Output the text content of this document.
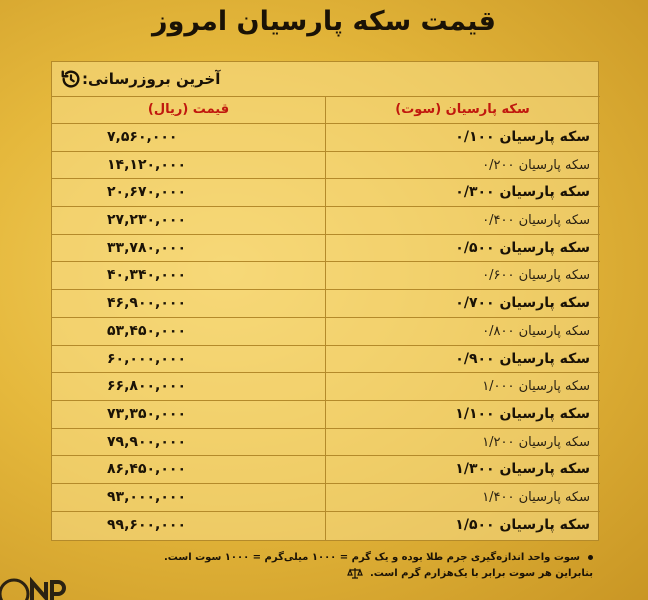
قیمت سکه پارسیان امروز
آخرین بروزرسانی:
سکه پارسیان (سوت)
قیمت (ریال)
سکه پارسیان ۰/۱۰۰
۷,۵۶۰,۰۰۰
سکه پارسیان ۰/۲۰۰
۱۴,۱۲۰,۰۰۰
سکه پارسیان ۰/۳۰۰
۲۰,۶۷۰,۰۰۰
سکه پارسیان ۰/۴۰۰
۲۷,۲۳۰,۰۰۰
سکه پارسیان ۰/۵۰۰
۳۳,۷۸۰,۰۰۰
سکه پارسیان ۰/۶۰۰
۴۰,۳۴۰,۰۰۰
سکه پارسیان ۰/۷۰۰
۴۶,۹۰۰,۰۰۰
سکه پارسیان ۰/۸۰۰
۵۳,۴۵۰,۰۰۰
سکه پارسیان ۰/۹۰۰
۶۰,۰۰۰,۰۰۰
سکه پارسیان ۱/۰۰۰
۶۶,۸۰۰,۰۰۰
سکه پارسیان ۱/۱۰۰
۷۳,۳۵۰,۰۰۰
سکه پارسیان ۱/۲۰۰
۷۹,۹۰۰,۰۰۰
سکه پارسیان ۱/۳۰۰
۸۶,۴۵۰,۰۰۰
سکه پارسیان ۱/۴۰۰
۹۳,۰۰۰,۰۰۰
سکه پارسیان ۱/۵۰۰
۹۹,۶۰۰,۰۰۰
سوت واحد اندازه‌گیری جرم طلا بوده و یک گرم = ۱۰۰۰ میلی‌گرم = ۱۰۰۰ سوت است.
بنابراین هر سوت برابر با یک‌هزارم گرم است.
